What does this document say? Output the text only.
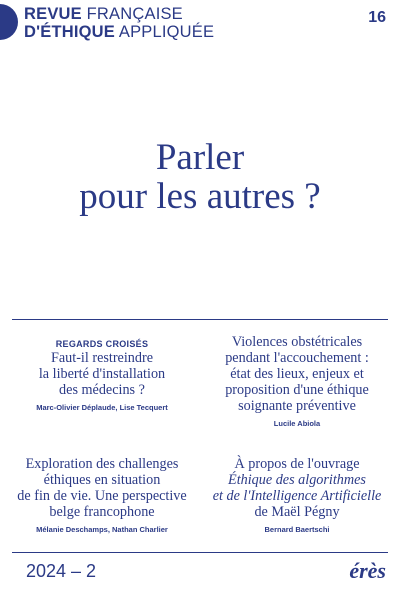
REVUE FRANÇAISE
D'ÉTHIQUE APPLIQUÉE
16
Parler
pour les autres ?
REGARDS CROISÉS
Faut-il restreindre
la liberté d'installation
des médecins ?
Marc-Olivier Déplaude, Lise Tecquert
Violences obstétricales
pendant l'accouchement :
état des lieux, enjeux et
proposition d'une éthique
soignante préventive
Lucile Abiola
Exploration des challenges
éthiques en situation
de fin de vie. Une perspective
belge francophone
Mélanie Deschamps, Nathan Charlier
À propos de l'ouvrage
Éthique des algorithmes
et de l'Intelligence Artificielle
de Maël Pégny
Bernard Baertschi
2024 – 2	érès
